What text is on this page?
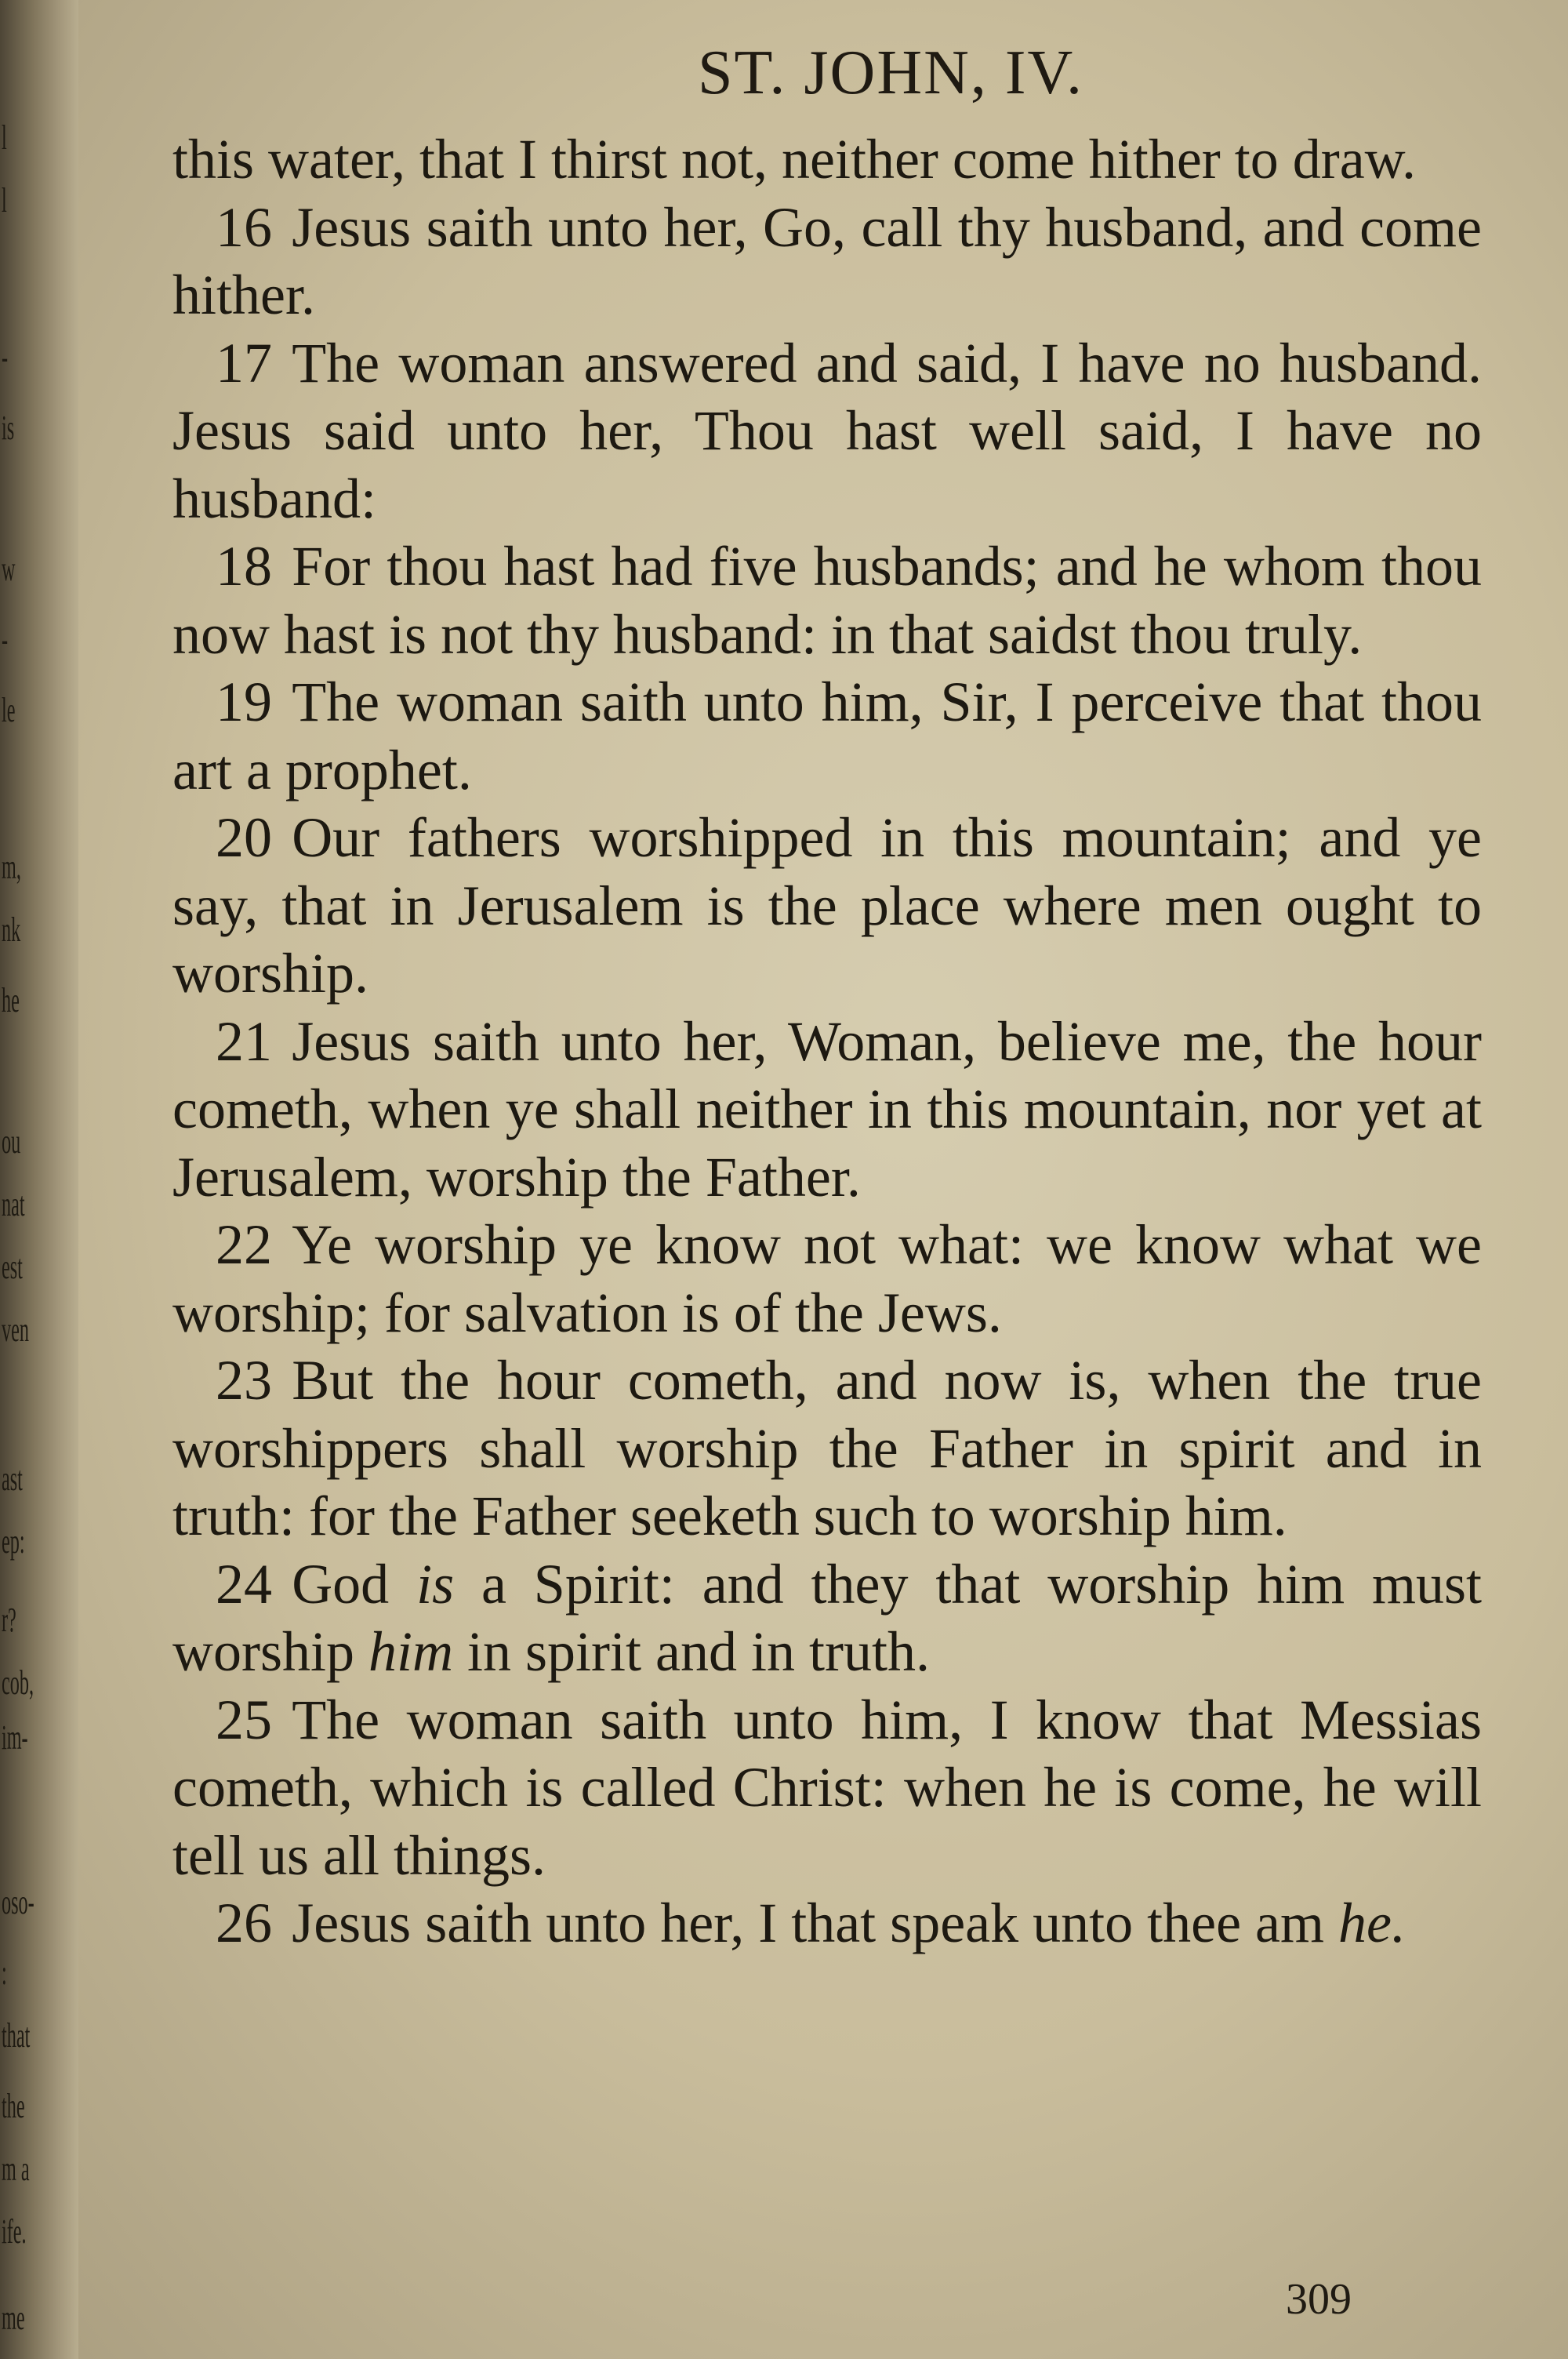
l
l
-
is
w
-
le
m,
nk
he
ou
nat
est
ven
ast
ep:
r?
cob,
im-
oso-
:
that
the
m a
ife.
me
ST. JOHN, IV.

this water, that I thirst not, neither come hither to draw.

16 Jesus saith unto her, Go, call thy husband, and come hither.

17 The woman answered and said, I have no husband. Jesus said unto her, Thou hast well said, I have no husband:

18 For thou hast had five husbands; and he whom thou now hast is not thy husband: in that saidst thou truly.

19 The woman saith unto him, Sir, I perceive that thou art a prophet.

20 Our fathers worshipped in this mountain; and ye say, that in Jerusalem is the place where men ought to worship.

21 Jesus saith unto her, Woman, believe me, the hour cometh, when ye shall neither in this mountain, nor yet at Jerusalem, worship the Father.

22 Ye worship ye know not what: we know what we worship; for salvation is of the Jews.

23 But the hour cometh, and now is, when the true worshippers shall worship the Father in spirit and in truth: for the Father seeketh such to worship him.

24 God is a Spirit: and they that worship him must worship him in spirit and in truth.

25 The woman saith unto him, I know that Messias cometh, which is called Christ: when he is come, he will tell us all things.

26 Jesus saith unto her, I that speak unto thee am he.

309
